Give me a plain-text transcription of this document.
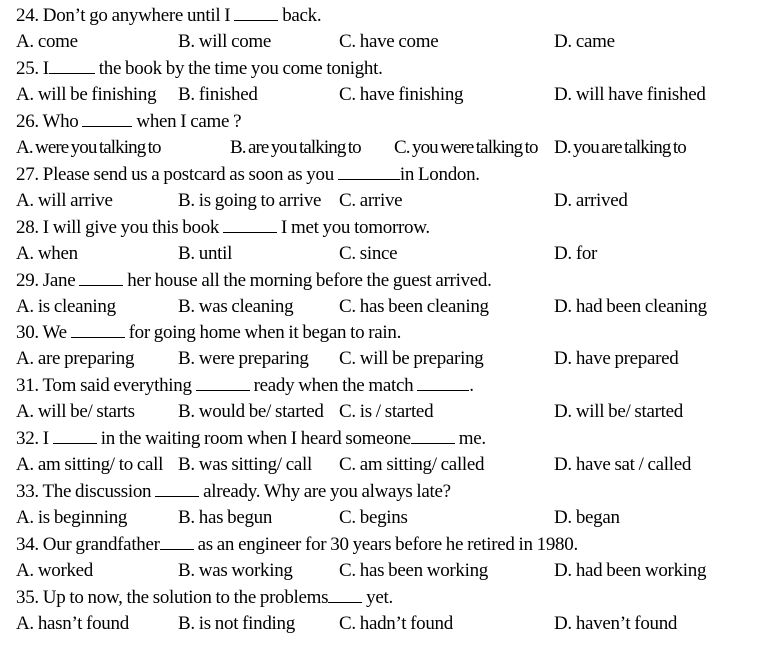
24. Don’t go anywhere until I  back.
A. come	B. will come	C. have come	D. came
25. I the book by the time you come tonight.
A. will be finishing B. finished	C. have finishing	D. will have finished
26. Who	when I came ?
A. were you talking to	B. are you talking to C. you were talking to D. you are talking to
27. Please send us a postcard as soon as you	in London.
A. will arrive	B. is going to arrive C. arrive	D. arrived
28. I will give you this book	I met you tomorrow.
A. when	B. until	C. since	D. for
29. Jane  her house all the morning before the guest arrived.
A. is cleaning	B. was cleaning C. has been cleaning	D. had been cleaning
30. We	for going home when it began to rain.
A. are preparing B. were preparing C. will be preparing	D. have prepared
31. Tom said everything	ready when the match	.
A. will be/ starts B. would be/ started C. is / started	D. will be/ started
32. I  in the waiting room when I heard someone me.
A. am sitting/ to call B. was sitting/ call C. am sitting/ called	D. have sat / called
33. The discussion  already. Why are you always late?
A. is beginning	B. has begun	C. begins	D. began
34. Our grandfather as an engineer for 30 years before he retired in 1980.
A. worked	B. was working C. has been working	D. had been working
35. Up to now, the solution to the problems yet.
A. hasn’t found	B. is not finding C. hadn’t found	D. haven’t found
